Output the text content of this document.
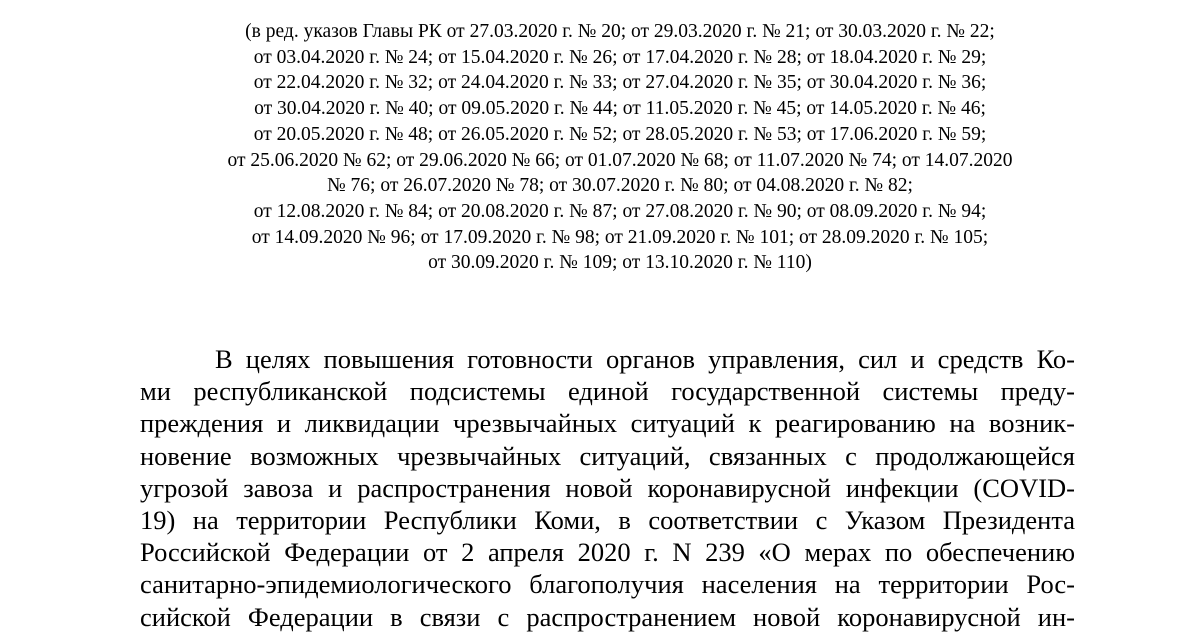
(в ред. указов Главы РК от 27.03.2020 г. № 20; от 29.03.2020 г. № 21; от 30.03.2020 г. № 22;
от 03.04.2020 г. № 24; от 15.04.2020 г. № 26; от 17.04.2020 г. № 28; от 18.04.2020 г. № 29;
от 22.04.2020 г. № 32; от 24.04.2020 г. № 33; от 27.04.2020 г. № 35; от 30.04.2020 г. № 36;
от 30.04.2020 г. № 40; от 09.05.2020 г. № 44; от 11.05.2020 г. № 45; от 14.05.2020 г. № 46;
от 20.05.2020 г. № 48; от 26.05.2020 г. № 52; от 28.05.2020 г. № 53; от 17.06.2020 г. № 59;
от 25.06.2020 № 62; от 29.06.2020 № 66; от 01.07.2020 № 68; от 11.07.2020 № 74; от 14.07.2020
№ 76; от 26.07.2020 № 78; от 30.07.2020 г. № 80; от 04.08.2020 г. № 82;
от 12.08.2020 г. № 84; от 20.08.2020 г. № 87; от 27.08.2020 г. № 90; от 08.09.2020 г. № 94;
от 14.09.2020 № 96; от 17.09.2020 г. № 98; от 21.09.2020 г. № 101; от 28.09.2020 г. № 105;
от 30.09.2020 г. № 109; от 13.10.2020 г. № 110)
В целях повышения готовности органов управления, сил и средств Ко-
ми республиканской подсистемы единой государственной системы преду-
преждения и ликвидации чрезвычайных ситуаций к реагированию на возник-
новение возможных чрезвычайных ситуаций, связанных с продолжающейся
угрозой завоза и распространения новой коронавирусной инфекции (COVID-
19) на территории Республики Коми, в соответствии с Указом Президента
Российской Федерации от 2 апреля 2020 г. N 239 «О мерах по обеспечению
санитарно-эпидемиологического благополучия населения на территории Рос-
сийской Федерации в связи с распространением новой коронавирусной ин-
